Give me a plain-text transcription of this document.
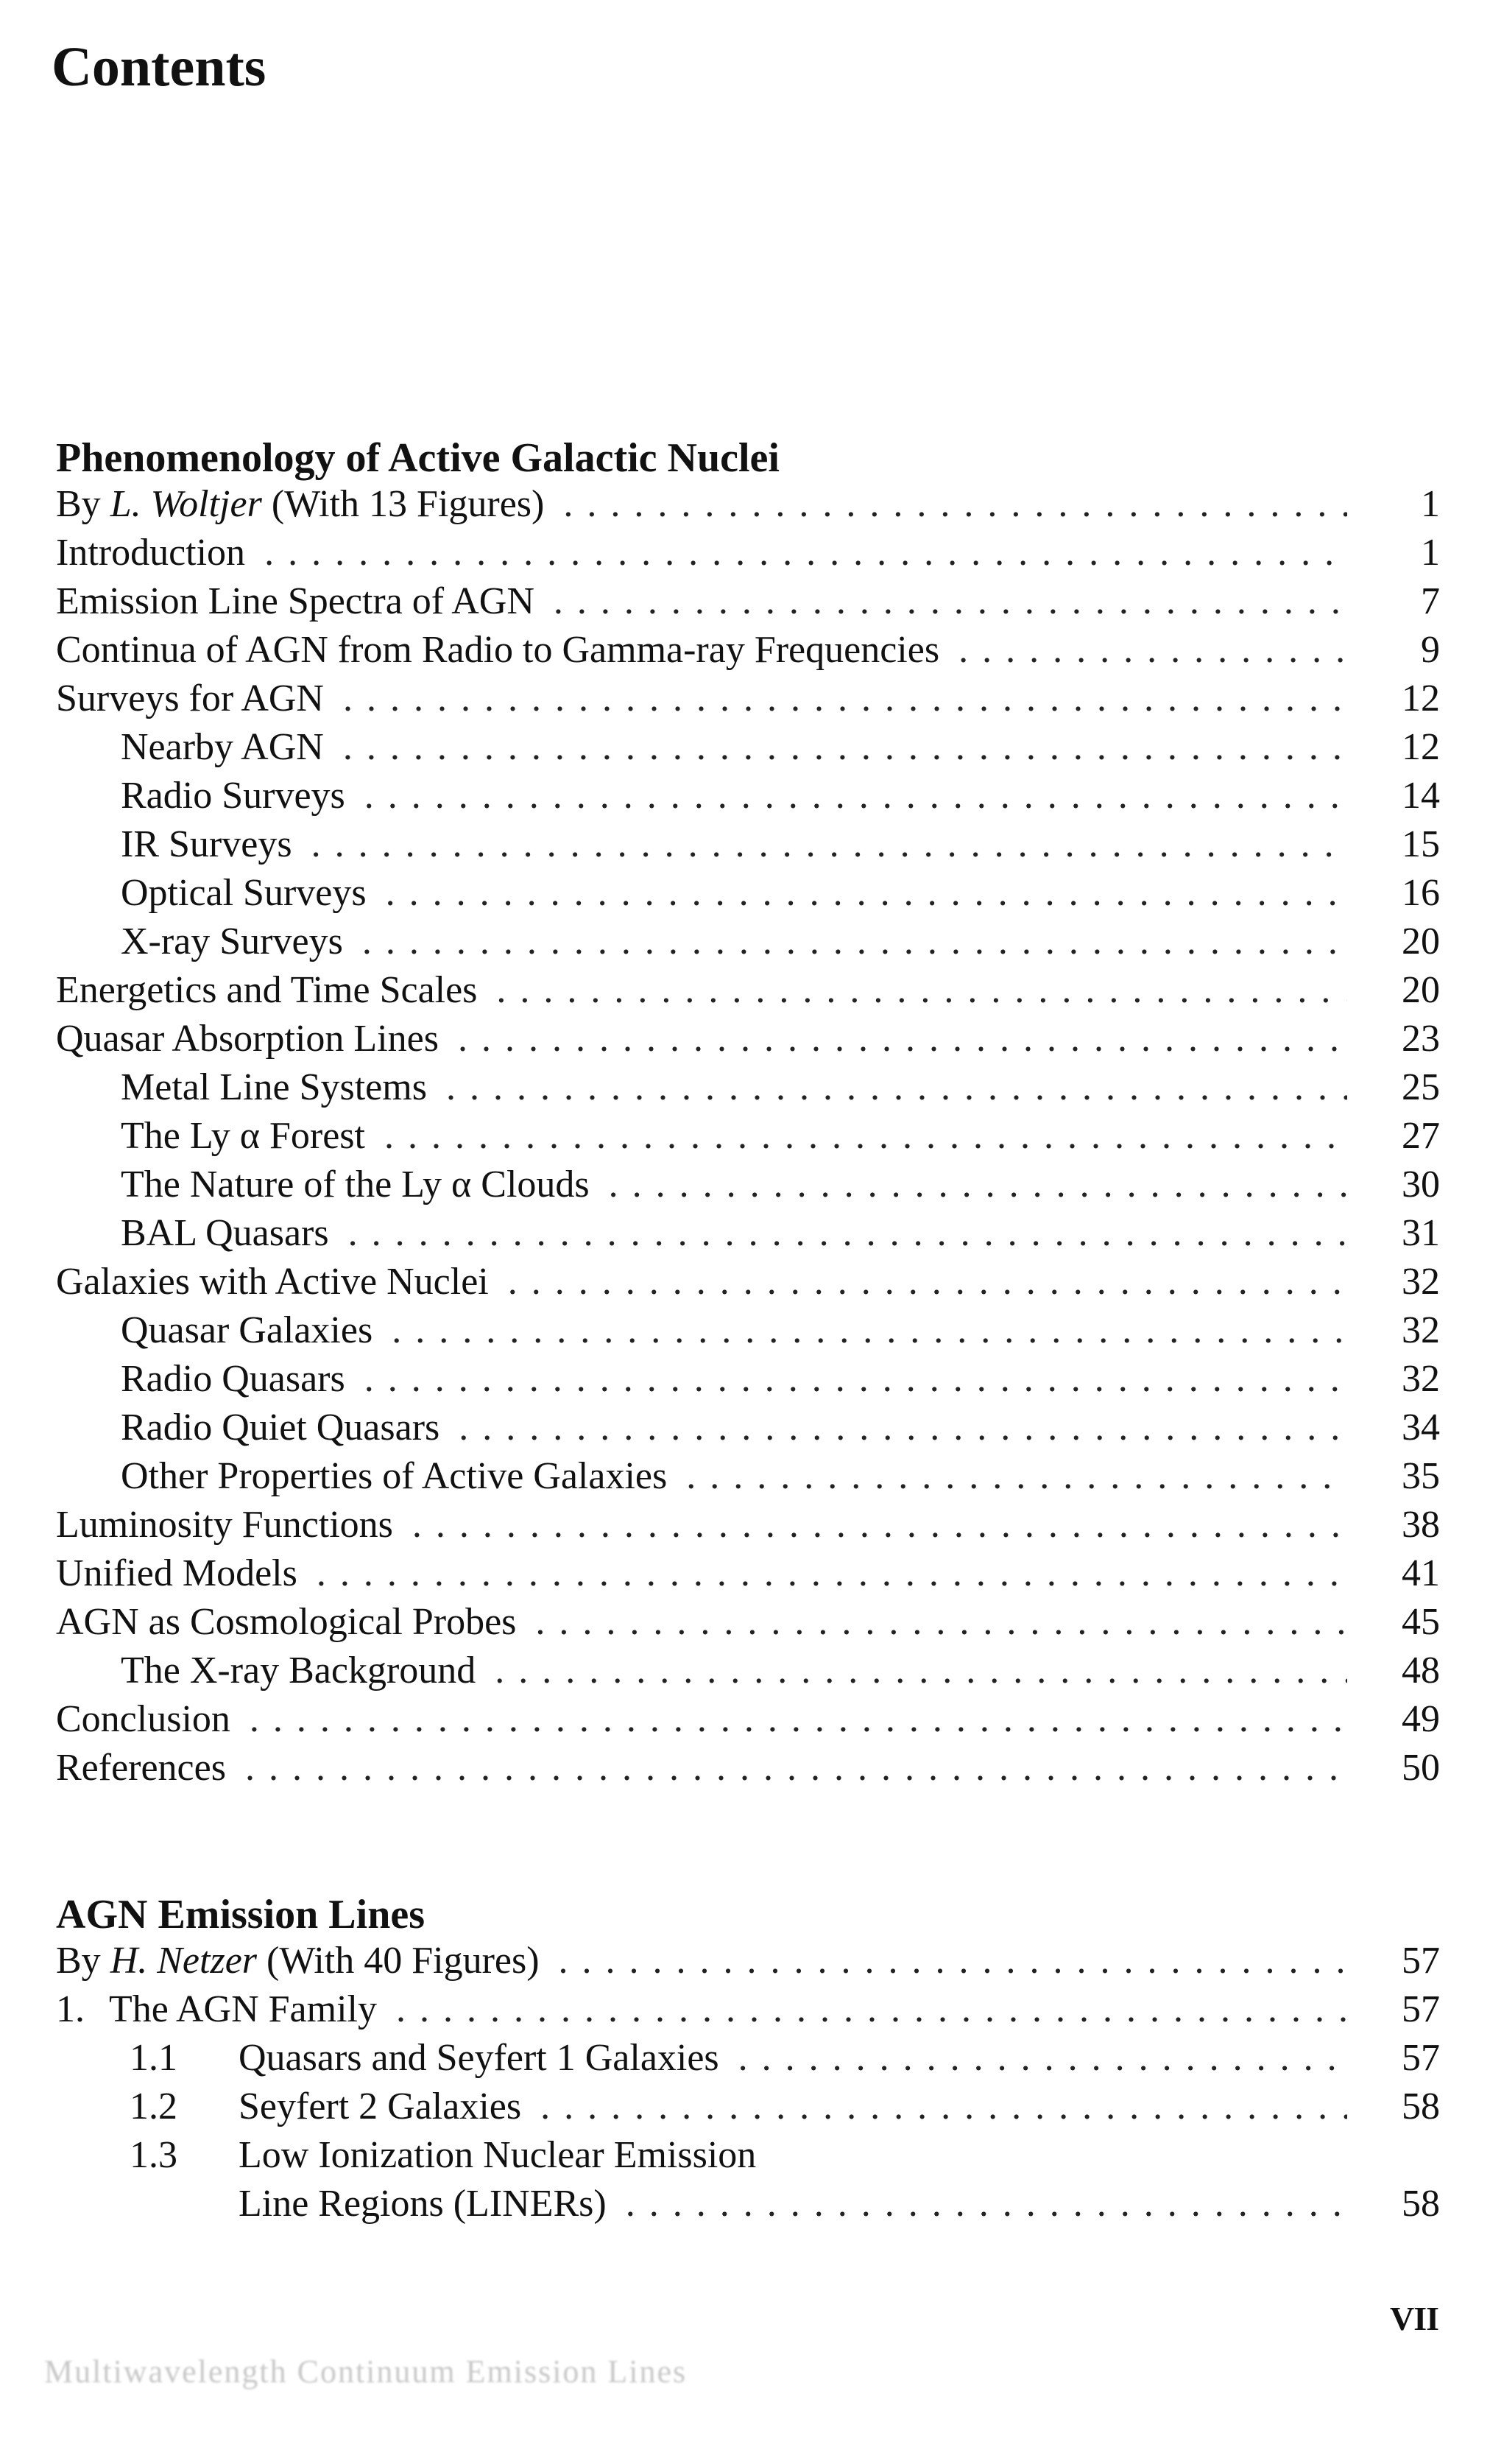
Contents
Phenomenology of Active Galactic Nuclei
By L. Woltjer (With 13 Figures) . . .	1
Introduction . . .	1
Emission Line Spectra of AGN . . .	7
Continua of AGN from Radio to Gamma-ray Frequencies . . .	9
Surveys for AGN . . .	12
Nearby AGN . . .	12
Radio Surveys . . .	14
IR Surveys . . .	15
Optical Surveys . . .	16
X-ray Surveys . . .	20
Energetics and Time Scales . . .	20
Quasar Absorption Lines . . .	23
Metal Line Systems . . .	25
The Ly α Forest . . .	27
The Nature of the Ly α Clouds . . .	30
BAL Quasars . . .	31
Galaxies with Active Nuclei . . .	32
Quasar Galaxies . . .	32
Radio Quasars . . .	32
Radio Quiet Quasars . . .	34
Other Properties of Active Galaxies . . .	35
Luminosity Functions . . .	38
Unified Models . . .	41
AGN as Cosmological Probes . . .	45
The X-ray Background . . .	48
Conclusion . . .	49
References . . .	50
AGN Emission Lines
By H. Netzer (With 40 Figures) . . .	57
1. The AGN Family . . .	57
1.1	Quasars and Seyfert 1 Galaxies . . .	57
1.2	Seyfert 2 Galaxies . . .	58
1.3	Low Ionization Nuclear Emission
Line Regions (LINERs) . . .	58
VII
Multiwavelength Continuum Emission Lines
